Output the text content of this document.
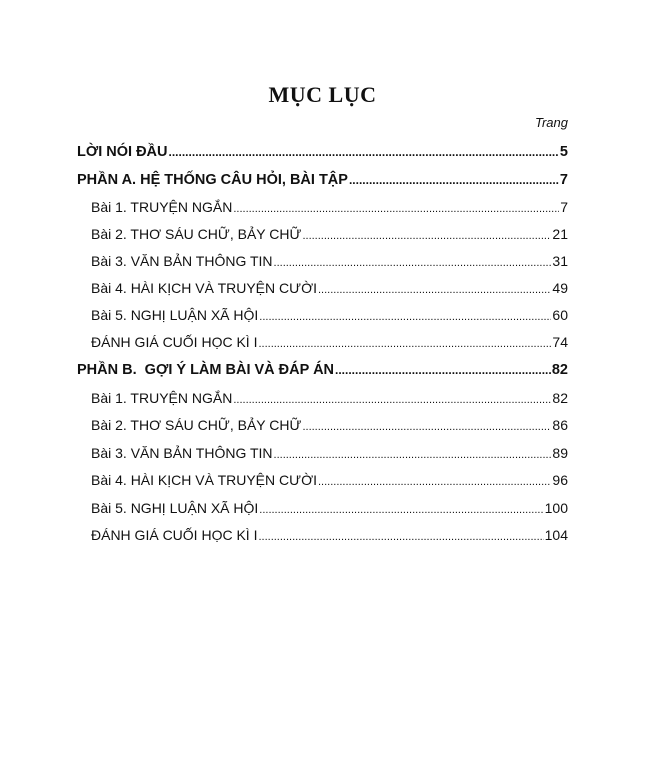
MỤC LỤC
Trang
LỜI NÓI ĐẦU .....	5
PHẦN A. HỆ THỐNG CÂU HỎI, BÀI TẬP .....	7
Bài 1. TRUYỆN NGẮN .....	7
Bài 2. THƠ SÁU CHỮ, BẢY CHỮ .....	21
Bài 3. VĂN BẢN THÔNG TIN .....	31
Bài 4. HÀI KỊCH VÀ TRUYỆN CƯỜI .....	49
Bài 5. NGHỊ LUẬN XÃ HỘI .....	60
ĐÁNH GIÁ CUỐI HỌC KÌ I .....	74
PHẦN B.  GỢI Ý LÀM BÀI VÀ ĐÁP ÁN .....	82
Bài 1. TRUYỆN NGẮN .....	82
Bài 2. THƠ SÁU CHỮ, BẢY CHỮ .....	86
Bài 3. VĂN BẢN THÔNG TIN .....	89
Bài 4. HÀI KỊCH VÀ TRUYỆN CƯỜI .....	96
Bài 5. NGHỊ LUẬN XÃ HỘI .....	100
ĐÁNH GIÁ CUỐI HỌC KÌ I .....	104
